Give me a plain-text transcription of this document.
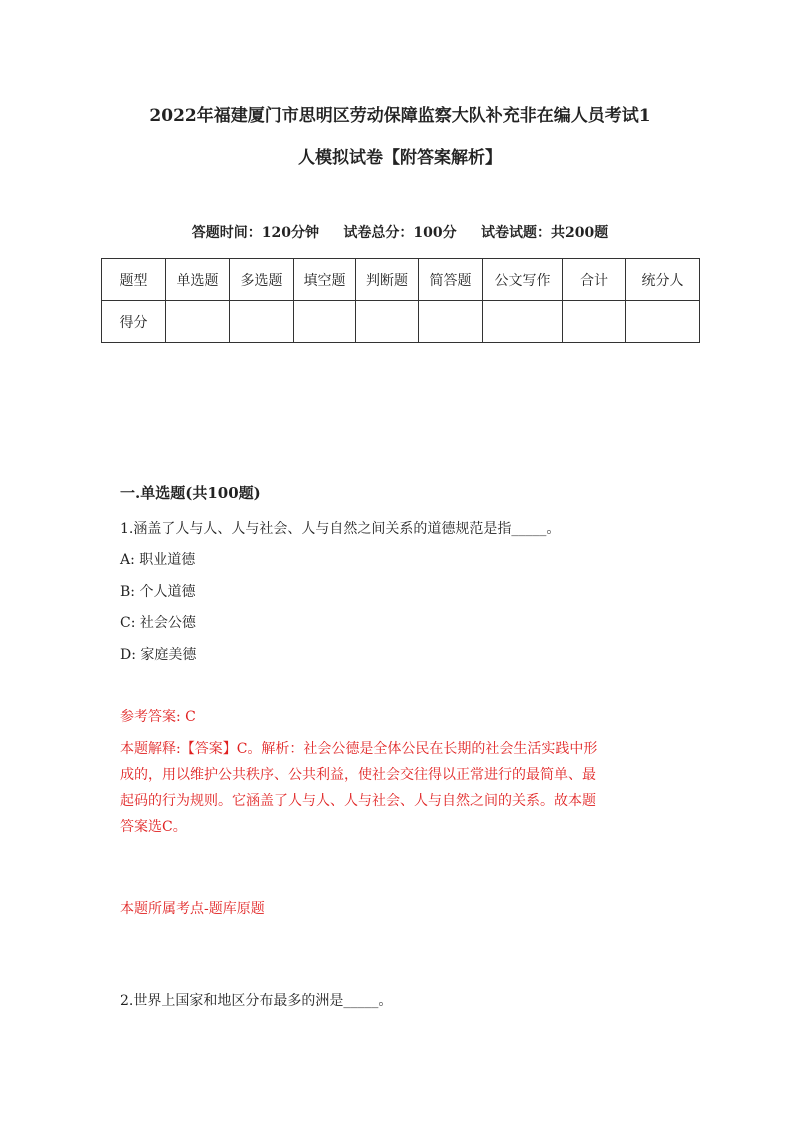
2022年福建厦门市思明区劳动保障监察大队补充非在编人员考试1
人模拟试卷【附答案解析】
答题时间：120分钟     试卷总分：100分     试卷试题：共200题
题型	单选题	多选题	填空题	判断题	简答题	公文写作	合计	统分人
得分								
一.单选题(共100题)
1.涵盖了人与人、人与社会、人与自然之间关系的道德规范是指_____。
A: 职业道德
B: 个人道德
C: 社会公德
D: 家庭美德
参考答案: C
本题解释:【答案】C。解析：社会公德是全体公民在长期的社会生活实践中形
成的，用以维护公共秩序、公共利益，使社会交往得以正常进行的最简单、最
起码的行为规则。它涵盖了人与人、人与社会、人与自然之间的关系。故本题
答案选C。
本题所属考点-题库原题
2.世界上国家和地区分布最多的洲是_____。
